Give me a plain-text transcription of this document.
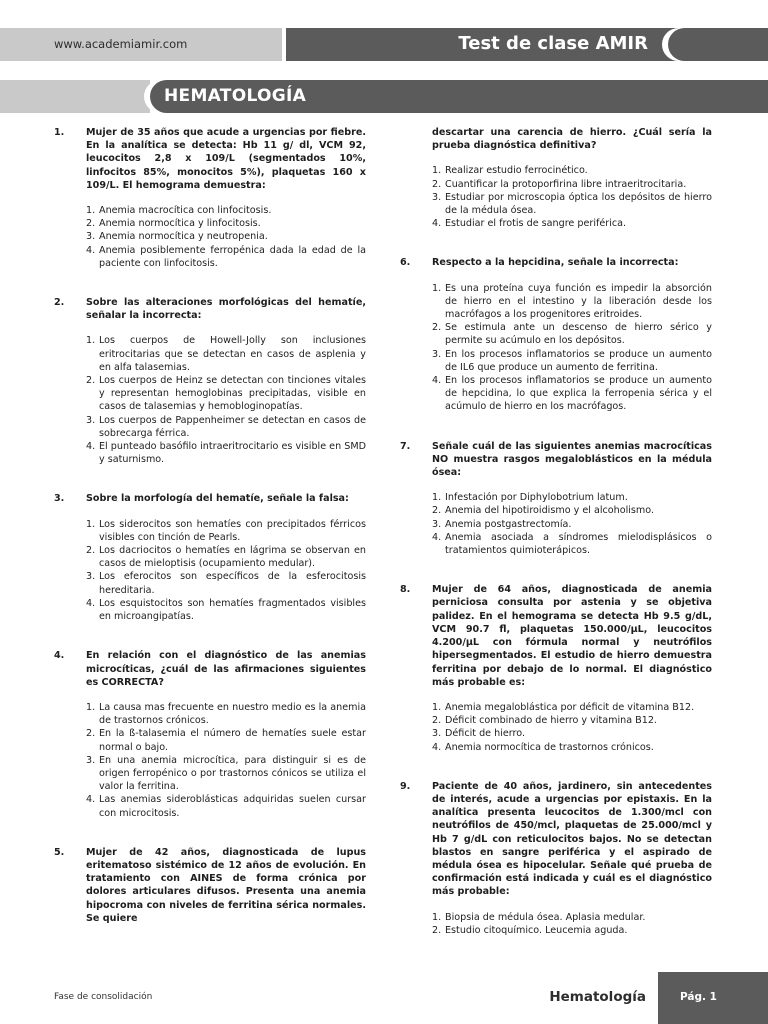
www.academiamir.com	Test de clase AMIR
HEMATOLOGÍA
1.	Mujer de 35 años que acude a urgencias por fiebre. En la analítica se detecta: Hb 11 g/ dl, VCM 92, leucocitos 2,8 x 109/L (segmentados 10%, linfocitos 85%, monocitos 5%), plaquetas 160 x 109/L. El hemograma demuestra:
1. Anemia macrocítica con linfocitosis.
2. Anemia normocítica y linfocitosis.
3. Anemia normocítica y neutropenia.
4. Anemia posiblemente ferropénica dada la edad de la paciente con linfocitosis.
2.	Sobre las alteraciones morfológicas del hematíe, señalar la incorrecta:
1. Los cuerpos de Howell-Jolly son inclusiones eritrocitarias que se detectan en casos de asplenia y en alfa talasemias.
2. Los cuerpos de Heinz se detectan con tinciones vitales y representan hemoglobinas precipitadas, visible en casos de talasemias y hemobloginopatías.
3. Los cuerpos de Pappenheimer se detectan en casos de sobrecarga férrica.
4. El punteado basófilo intraeritrocitario es visible en SMD y saturnismo.
3.	Sobre la morfología del hematíe, señale la falsa:
1. Los siderocitos son hematíes con precipitados férricos visibles con tinción de Pearls.
2. Los dacriocitos o hematíes en lágrima se observan en casos de mieloptisis (ocupamiento medular).
3. Los eferocitos son específicos de la esferocitosis hereditaria.
4. Los esquistocitos son hematíes fragmentados visibles en microangipatías.
4.	En relación con el diagnóstico de las anemias microcíticas, ¿cuál de las afirmaciones siguientes es CORRECTA?
1. La causa mas frecuente en nuestro medio es la anemia de trastornos crónicos.
2. En la ß-talasemia el número de hematíes suele estar normal o bajo.
3. En una anemia microcítica, para distinguir si es de origen ferropénico o por trastornos cónicos se utiliza el valor la ferritina.
4. Las anemias sideroblásticas adquiridas suelen cursar con microcitosis.
5.	Mujer de 42 años, diagnosticada de lupus eritematoso sistémico de 12 años de evolución. En tratamiento con AINES de forma crónica por dolores articulares difusos. Presenta una anemia hipocroma con niveles de ferritina sérica normales. Se quiere
descartar una carencia de hierro. ¿Cuál sería la prueba diagnóstica definitiva?
1. Realizar estudio ferrocinético.
2. Cuantificar la protoporfirina libre intraeritrocitaria.
3. Estudiar por microscopia óptica los depósitos de hierro de la médula ósea.
4. Estudiar el frotis de sangre periférica.
6.	Respecto a la hepcidina, señale la incorrecta:
1. Es una proteína cuya función es impedir la absorción de hierro en el intestino y la liberación desde los macrófagos a los progenitores eritroides.
2. Se estimula ante un descenso de hierro sérico y permite su acúmulo en los depósitos.
3. En los procesos inflamatorios se produce un aumento de IL6 que produce un aumento de ferritina.
4. En los procesos inflamatorios se produce un aumento de hepcidina, lo que explica la ferropenia sérica y el acúmulo de hierro en los macrófagos.
7.	Señale cuál de las siguientes anemias macrocíticas NO muestra rasgos megaloblásticos en la médula ósea:
1. Infestación por Diphylobotrium latum.
2. Anemia del hipotiroidismo y el alcoholismo.
3. Anemia postgastrectomía.
4. Anemia asociada a síndromes mielodisplásicos o tratamientos quimioterápicos.
8.	Mujer de 64 años, diagnosticada de anemia perniciosa consulta por astenia y se objetiva palidez. En el hemograma se detecta Hb 9.5 g/dL, VCM 90.7 fl, plaquetas 150.000/µL, leucocitos 4.200/µL con fórmula normal y neutrófilos hipersegmentados. El estudio de hierro demuestra ferritina por debajo de lo normal. El diagnóstico más probable es:
1. Anemia megaloblástica por déficit de vitamina B12.
2. Déficit combinado de hierro y vitamina B12.
3. Déficit de hierro.
4. Anemia normocítica de trastornos crónicos.
9.	Paciente de 40 años, jardinero, sin antecedentes de interés, acude a urgencias por epistaxis. En la analítica presenta leucocitos de 1.300/mcl con neutrófilos de 450/mcl, plaquetas de 25.000/mcl y Hb 7 g/dL con reticulocitos bajos. No se detectan blastos en sangre periférica y el aspirado de médula ósea es hipocelular. Señale qué prueba de confirmación está indicada y cuál es el diagnóstico más probable:
1. Biopsia de médula ósea. Aplasia medular.
2. Estudio citoquímico. Leucemia aguda.
Fase de consolidación	Hematología	Pág. 1
